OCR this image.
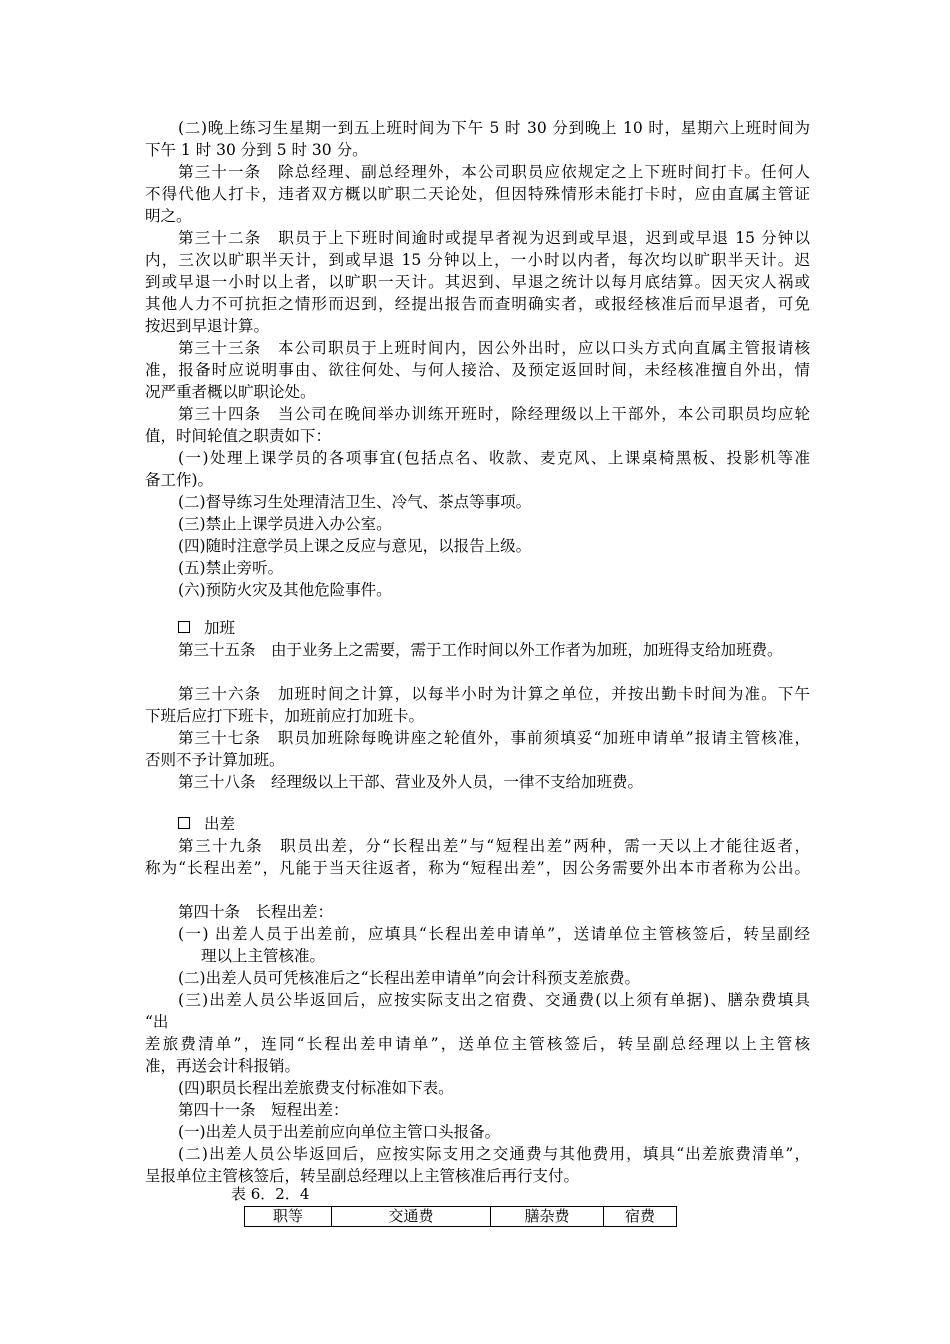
(二)晚上练习生星期一到五上班时间为下午 5 时 30 分到晚上 10 时，星期六上班时间为
下午 1 时 30 分到 5 时 30 分。
第三十一条　除总经理、副总经理外，本公司职员应依规定之上下班时间打卡。任何人
不得代他人打卡，违者双方概以旷职二天论处，但因特殊情形未能打卡时，应由直属主管证
明之。
第三十二条　职员于上下班时间逾时或提早者视为迟到或早退，迟到或早退 15 分钟以
内，三次以旷职半天计，到或早退 15 分钟以上，一小时以内者，每次均以旷职半天计。迟
到或早退一小时以上者，以旷职一天计。其迟到、早退之统计以每月底结算。因天灾人祸或
其他人力不可抗拒之情形而迟到，经提出报告而查明确实者，或报经核准后而早退者，可免
按迟到早退计算。
第三十三条　本公司职员于上班时间内，因公外出时，应以口头方式向直属主管报请核
准，报备时应说明事由、欲往何处、与何人接洽、及预定返回时间，未经核准擅自外出，情
况严重者概以旷职论处。
第三十四条　当公司在晚间举办训练开班时，除经理级以上干部外，本公司职员均应轮
值，时间轮值之职责如下：
(一)处理上课学员的各项事宜(包括点名、收款、麦克风、上课桌椅黑板、投影机等准
备工作)。
(二)督导练习生处理清洁卫生、冷气、茶点等事项。
(三)禁止上课学员进入办公室。
(四)随时注意学员上课之反应与意见，以报告上级。
(五)禁止旁听。
(六)预防火灾及其他危险事件。
加班
第三十五条　由于业务上之需要，需于工作时间以外工作者为加班，加班得支给加班费。
第三十六条　加班时间之计算，以每半小时为计算之单位，并按出勤卡时间为准。下午
下班后应打下班卡，加班前应打加班卡。
第三十七条　职员加班除每晚讲座之轮值外，事前须填妥“加班申请单”报请主管核准，
否则不予计算加班。
第三十八条　经理级以上干部、营业及外人员，一律不支给加班费。
出差
第三十九条　职员出差，分“长程出差”与“短程出差”两种，需一天以上才能往返者，
称为“长程出差”，凡能于当天往返者，称为“短程出差”，因公务需要外出本市者称为公出。
第四十条　长程出差：
(一) 出差人员于出差前，应填具“长程出差申请单”，送请单位主管核签后，转呈副经
理以上主管核准。
(二)出差人员可凭核准后之“长程出差申请单”向会计科预支差旅费。
(三)出差人员公毕返回后，应按实际支出之宿费、交通费(以上须有单据)、膳杂费填具
“出
差旅费清单”，连同“长程出差申请单”，送单位主管核签后，转呈副总经理以上主管核
准，再送会计科报销。
(四)职员长程出差旅费支付标准如下表。
第四十一条　短程出差：
(一)出差人员于出差前应向单位主管口头报备。
(二)出差人员公毕返回后，应按实际支用之交通费与其他费用，填具“出差旅费清单”，
呈报单位主管核签后，转呈副总经理以上主管核准后再行支付。
表 6．2．4
职等	交通费	膳杂费	宿费
